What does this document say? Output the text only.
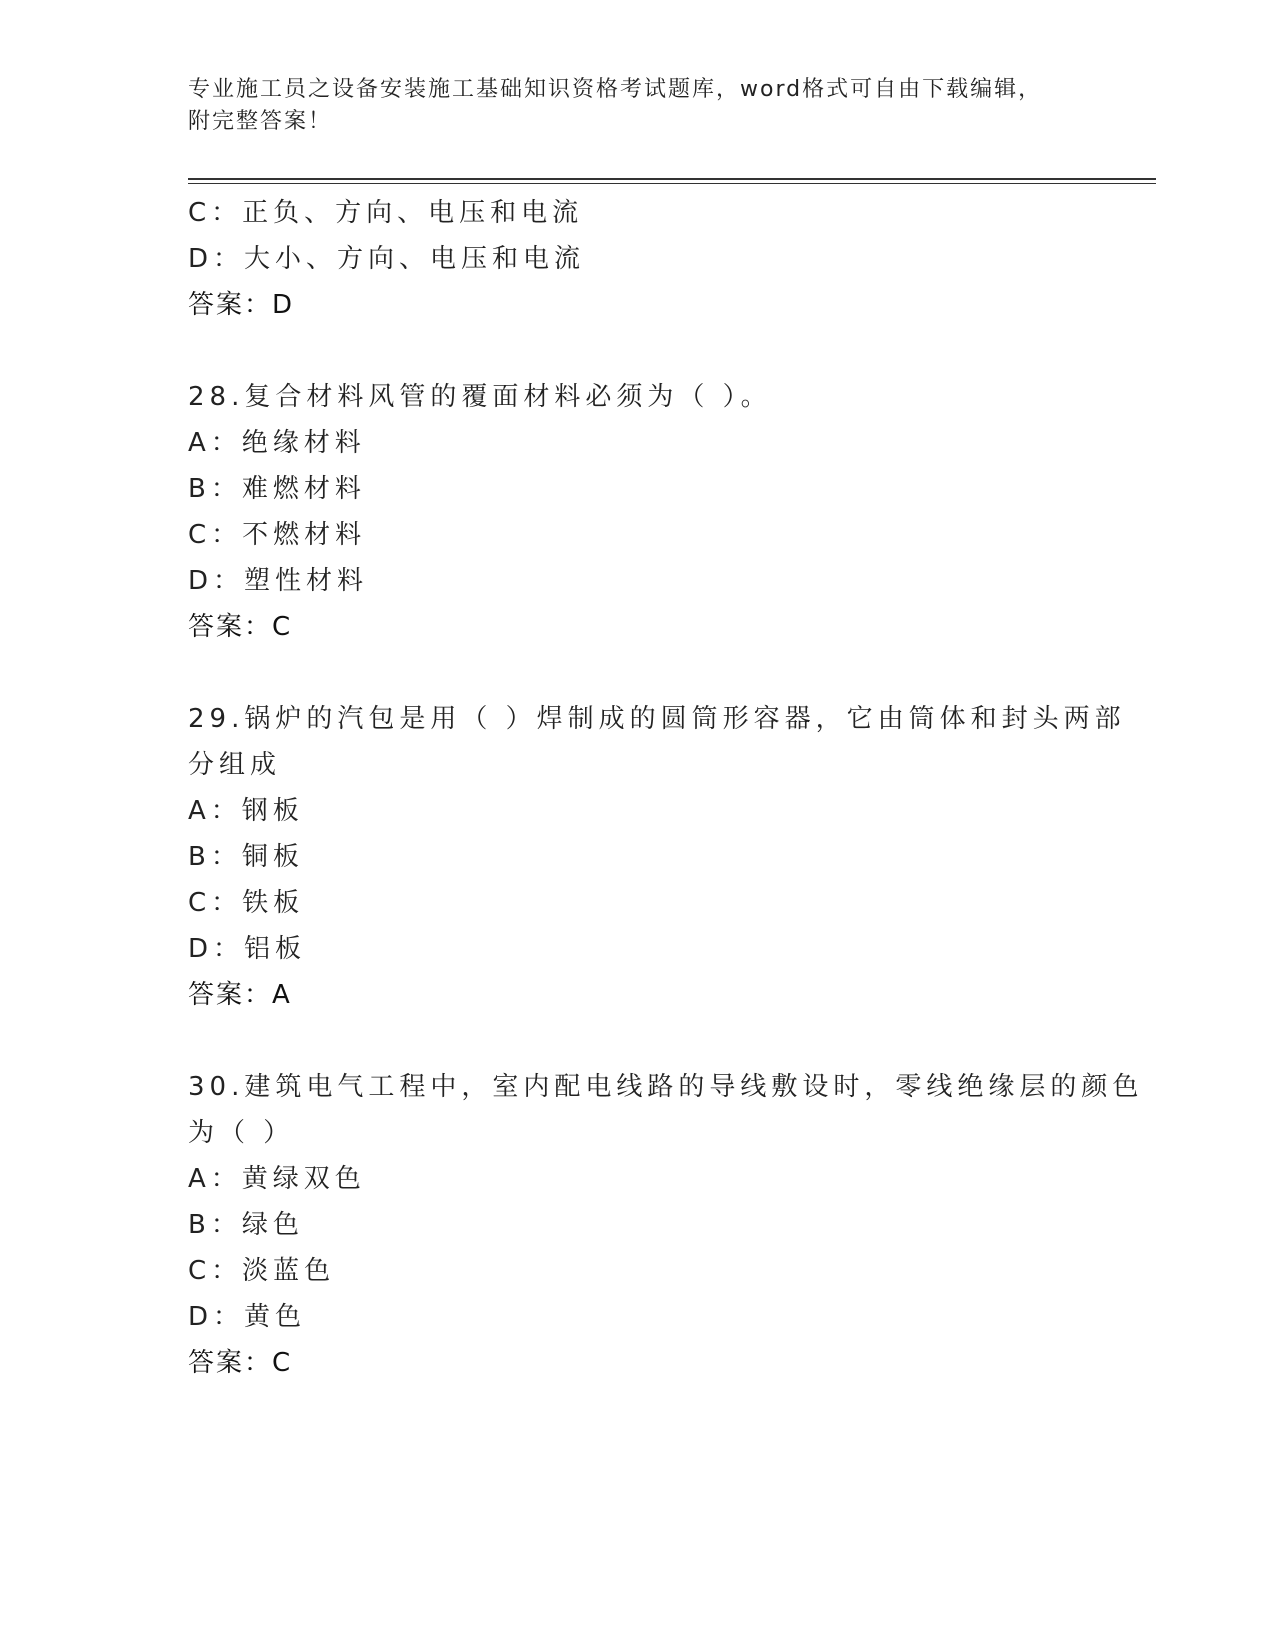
专业施工员之设备安装施工基础知识资格考试题库，word格式可自由下载编辑，
附完整答案！
C：正负、方向、电压和电流
D：大小、方向、电压和电流
答案：D
28.复合材料风管的覆面材料必须为（ ）。
A：绝缘材料
B：难燃材料
C：不燃材料
D：塑性材料
答案：C
29.锅炉的汽包是用（ ）焊制成的圆筒形容器，它由筒体和封头两部
分组成
A：钢板
B：铜板
C：铁板
D：铝板
答案：A
30.建筑电气工程中，室内配电线路的导线敷设时，零线绝缘层的颜色
为（ ）
A：黄绿双色
B：绿色
C：淡蓝色
D：黄色
答案：C
